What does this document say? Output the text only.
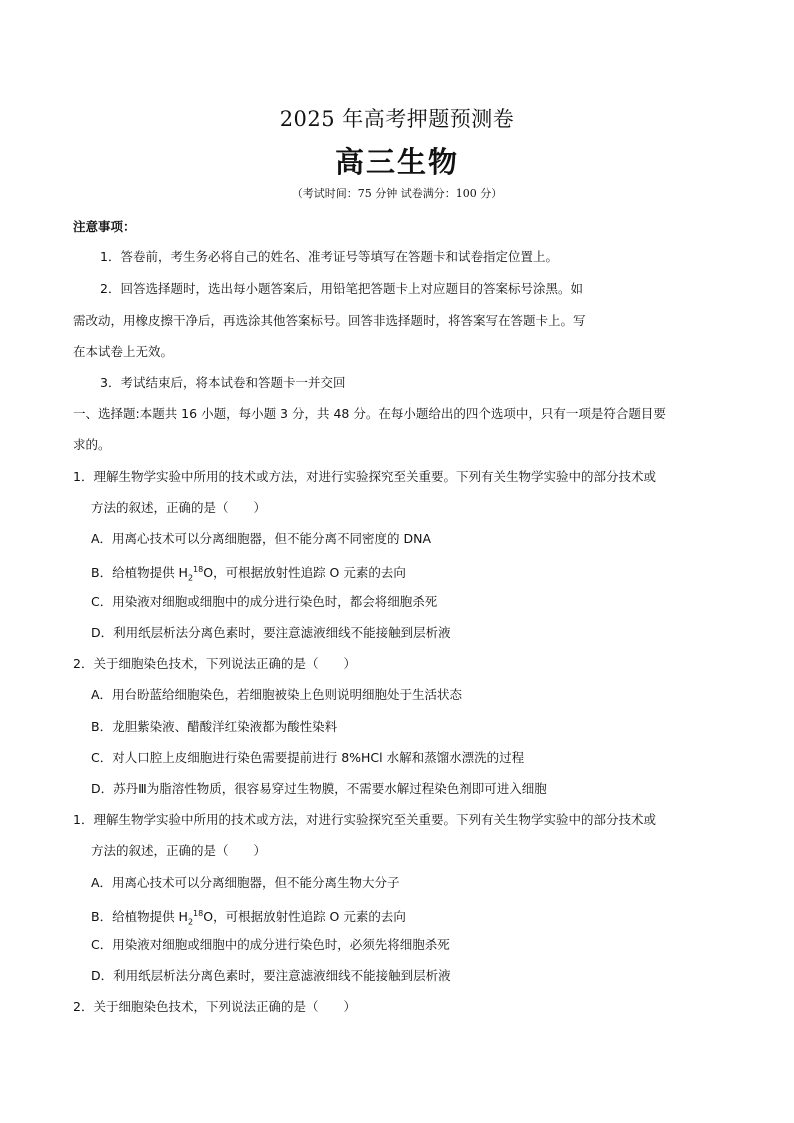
2025 年高考押题预测卷
高三生物
（考试时间：75 分钟 试卷满分：100 分）
注意事项：
1．答卷前，考生务必将自己的姓名、准考证号等填写在答题卡和试卷指定位置上。
2．回答选择题时，选出每小题答案后，用铅笔把答题卡上对应题目的答案标号涂黑。如
需改动，用橡皮擦干净后，再选涂其他答案标号。回答非选择题时，将答案写在答题卡上。写
在本试卷上无效。
3．考试结束后，将本试卷和答题卡一并交回
一、选择题:本题共 16 小题，每小题 3 分，共 48 分。在每小题给出的四个选项中，只有一项是符合题目要
求的。
1．理解生物学实验中所用的技术或方法，对进行实验探究至关重要。下列有关生物学实验中的部分技术或
方法的叙述，正确的是（　　）
A．用离心技术可以分离细胞器，但不能分离不同密度的 DNA
B．给植物提供 $H_2^{18}O$，可根据放射性追踪 O 元素的去向
C．用染液对细胞或细胞中的成分进行染色时，都会将细胞杀死
D．利用纸层析法分离色素时，要注意滤液细线不能接触到层析液
2．关于细胞染色技术，下列说法正确的是（　　）
A．用台盼蓝给细胞染色，若细胞被染上色则说明细胞处于生活状态
B．龙胆紫染液、醋酸洋红染液都为酸性染料
C．对人口腔上皮细胞进行染色需要提前进行 8%HCl 水解和蒸馏水漂洗的过程
D．苏丹Ⅲ为脂溶性物质，很容易穿过生物膜，不需要水解过程染色剂即可进入细胞
1．理解生物学实验中所用的技术或方法，对进行实验探究至关重要。下列有关生物学实验中的部分技术或
方法的叙述，正确的是（　　）
A．用离心技术可以分离细胞器，但不能分离生物大分子
B．给植物提供 $H_2^{18}O$，可根据放射性追踪 O 元素的去向
C．用染液对细胞或细胞中的成分进行染色时，必须先将细胞杀死
D．利用纸层析法分离色素时，要注意滤液细线不能接触到层析液
2．关于细胞染色技术，下列说法正确的是（　　）
